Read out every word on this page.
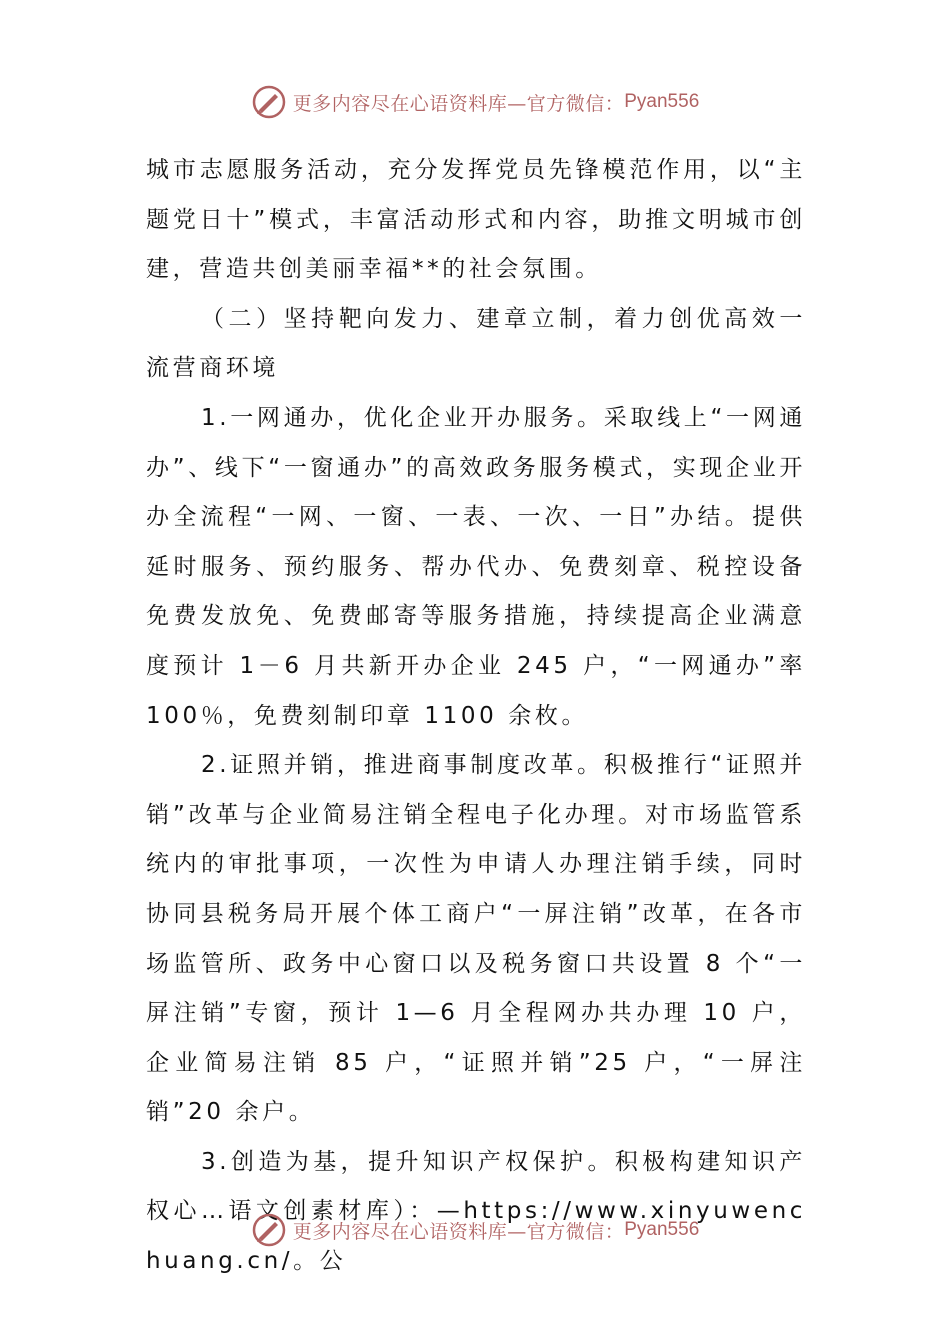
更多内容尽在心语资料库—官方微信： Pyan556

城市志愿服务活动，充分发挥党员先锋模范作用，以“主题党日十”模式，丰富活动形式和内容，助推文明城市创建，营造共创美丽幸福**的社会氛围。

（二）坚持靶向发力、建章立制，着力创优高效一流营商环境

1.一网通办，优化企业开办服务。采取线上“一网通办”、线下“一窗通办”的高效政务服务模式，实现企业开办全流程“一网、一窗、一表、一次、一日”办结。提供延时服务、预约服务、帮办代办、免费刻章、税控设备免费发放免、免费邮寄等服务措施，持续提高企业满意度预计 1－6 月共新开办企业 245 户，“一网通办”率100％，免费刻制印章 1100 余枚。

2.证照并销，推进商事制度改革。积极推行“证照并销”改革与企业简易注销全程电子化办理。对市场监管系统内的审批事项，一次性为申请人办理注销手续，同时协同县税务局开展个体工商户“一屏注销”改革，在各市场监管所、政务中心窗口以及税务窗口共设置 8 个“一屏注销”专窗，预计 1—6 月全程网办共办理 10 户，企业简易注销 85 户，“证照并销”25 户，“一屏注销”20 余户。

3.创造为基，提升知识产权保护。积极构建知识产权心…语文创素材库）：—https://www.xinyuwenchuang.cn/。公

更多内容尽在心语资料库—官方微信： Pyan556
